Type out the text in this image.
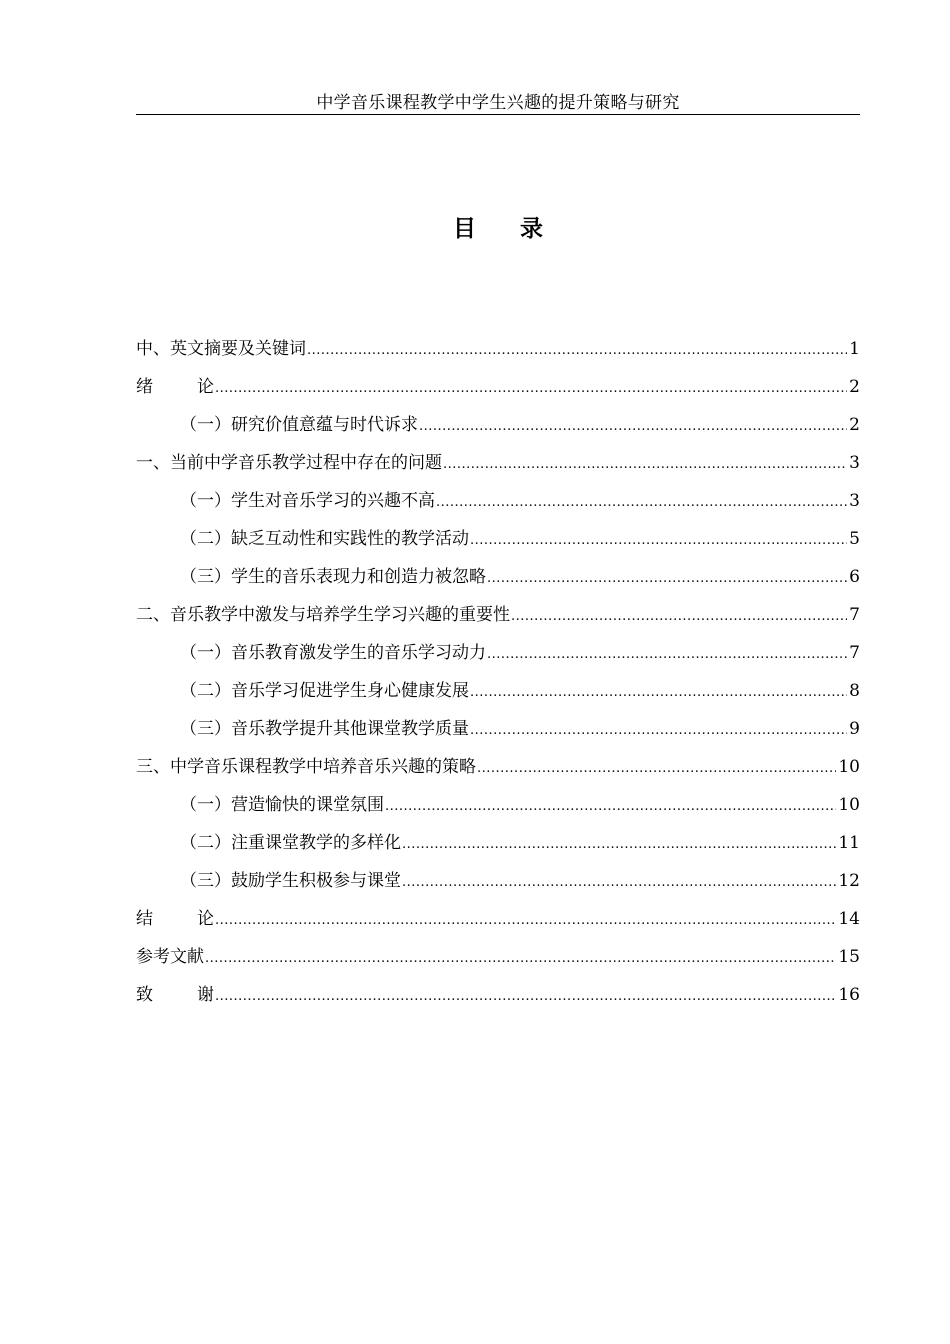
中学音乐课程教学中学生兴趣的提升策略与研究
目 录
中、英文摘要及关键词 .....	1
绪	论 .....	2
（一）研究价值意蕴与时代诉求 .....	2
一、当前中学音乐教学过程中存在的问题 .....	3
（一）学生对音乐学习的兴趣不高 .....	3
（二）缺乏互动性和实践性的教学活动 .....	5
（三）学生的音乐表现力和创造力被忽略 .....	6
二、音乐教学中激发与培养学生学习兴趣的重要性 .....	7
（一）音乐教育激发学生的音乐学习动力 .....	7
（二）音乐学习促进学生身心健康发展 .....	8
（三）音乐教学提升其他课堂教学质量 .....	9
三、中学音乐课程教学中培养音乐兴趣的策略 .....	10
（一）营造愉快的课堂氛围 .....	10
（二）注重课堂教学的多样化 .....	11
（三）鼓励学生积极参与课堂 .....	12
结	论 .....	14
参考文献 .....	15
致	谢 .....	16
